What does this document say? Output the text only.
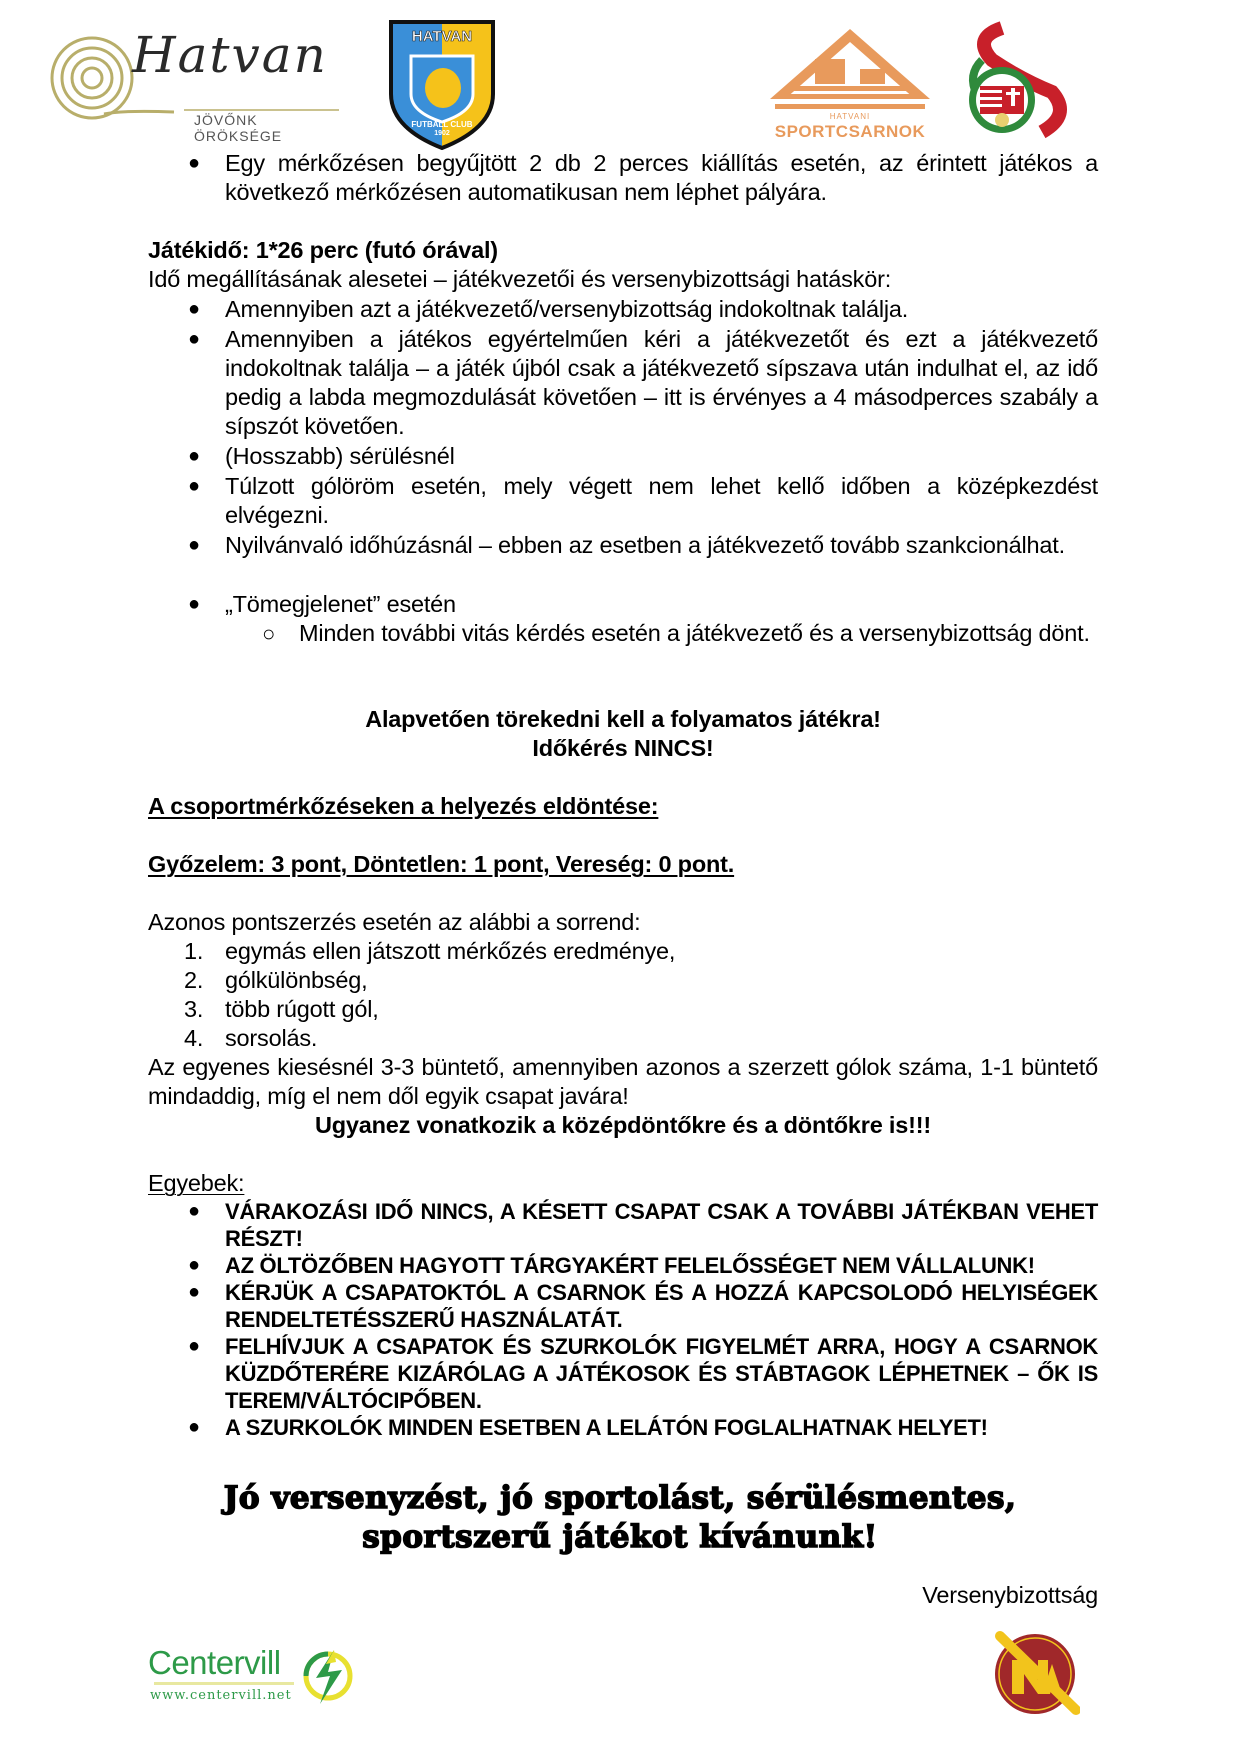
Hatvan
JÖVŐNK ÖRÖKSÉGE
HATVAN
FUTBALL CLUB
1902
HATVANI
SPORTCSARNOK
● Egy mérkőzésen begyűjtött 2 db 2 perces kiállítás esetén, az érintett játékos a következő mérkőzésen automatikusan nem léphet pályára.
Játékidő: 1*26 perc (futó órával)
Idő megállításának alesetei – játékvezetői és versenybizottsági hatáskör:
● Amennyiben azt a játékvezető/versenybizottság indokoltnak találja.
● Amennyiben a játékos egyértelműen kéri a játékvezetőt és ezt a játékvezető indokoltnak találja – a játék újból csak a játékvezető sípszava után indulhat el, az idő pedig a labda megmozdulását követően – itt is érvényes a 4 másodperces szabály a sípszót követően.
● (Hosszabb) sérülésnél
● Túlzott gólöröm esetén, mely végett nem lehet kellő időben a középkezdést elvégezni.
● Nyilvánvaló időhúzásnál – ebben az esetben a játékvezető tovább szankcionálhat.
● „Tömegjelenet” esetén
○ Minden további vitás kérdés esetén a játékvezető és a versenybizottság dönt.
Alapvetően törekedni kell a folyamatos játékra!
Időkérés NINCS!
A csoportmérkőzéseken a helyezés eldöntése:
Győzelem: 3 pont, Döntetlen: 1 pont, Vereség: 0 pont.
Azonos pontszerzés esetén az alábbi a sorrend:
1. egymás ellen játszott mérkőzés eredménye,
2. gólkülönbség,
3. több rúgott gól,
4. sorsolás.
Az egyenes kiesésnél 3-3 büntető, amennyiben azonos a szerzett gólok száma, 1-1 büntető mindaddig, míg el nem dől egyik csapat javára!
Ugyanez vonatkozik a középdöntőkre és a döntőkre is!!!
Egyebek:
● VÁRAKOZÁSI IDŐ NINCS, A KÉSETT CSAPAT CSAK A TOVÁBBI JÁTÉKBAN VEHET RÉSZT!
● AZ ÖLTÖZŐBEN HAGYOTT TÁRGYAKÉRT FELELŐSSÉGET NEM VÁLLALUNK!
● KÉRJÜK A CSAPATOKTÓL A CSARNOK ÉS A HOZZÁ KAPCSOLODÓ HELYISÉGEK RENDELTETÉSSZERŰ HASZNÁLATÁT.
● FELHÍVJUK A CSAPATOK ÉS SZURKOLÓK FIGYELMÉT ARRA, HOGY A CSARNOK KÜZDŐTERÉRE KIZÁRÓLAG A JÁTÉKOSOK ÉS STÁBTAGOK LÉPHETNEK – ŐK IS TEREM/VÁLTÓCIPŐBEN.
● A SZURKOLÓK MINDEN ESETBEN A LELÁTÓN FOGLALHATNAK HELYET!
Jó versenyzést, jó sportolást, sérülésmentes,
sportszerű játékot kívánunk!
Versenybizottság
Centervill
www.centervill.net
